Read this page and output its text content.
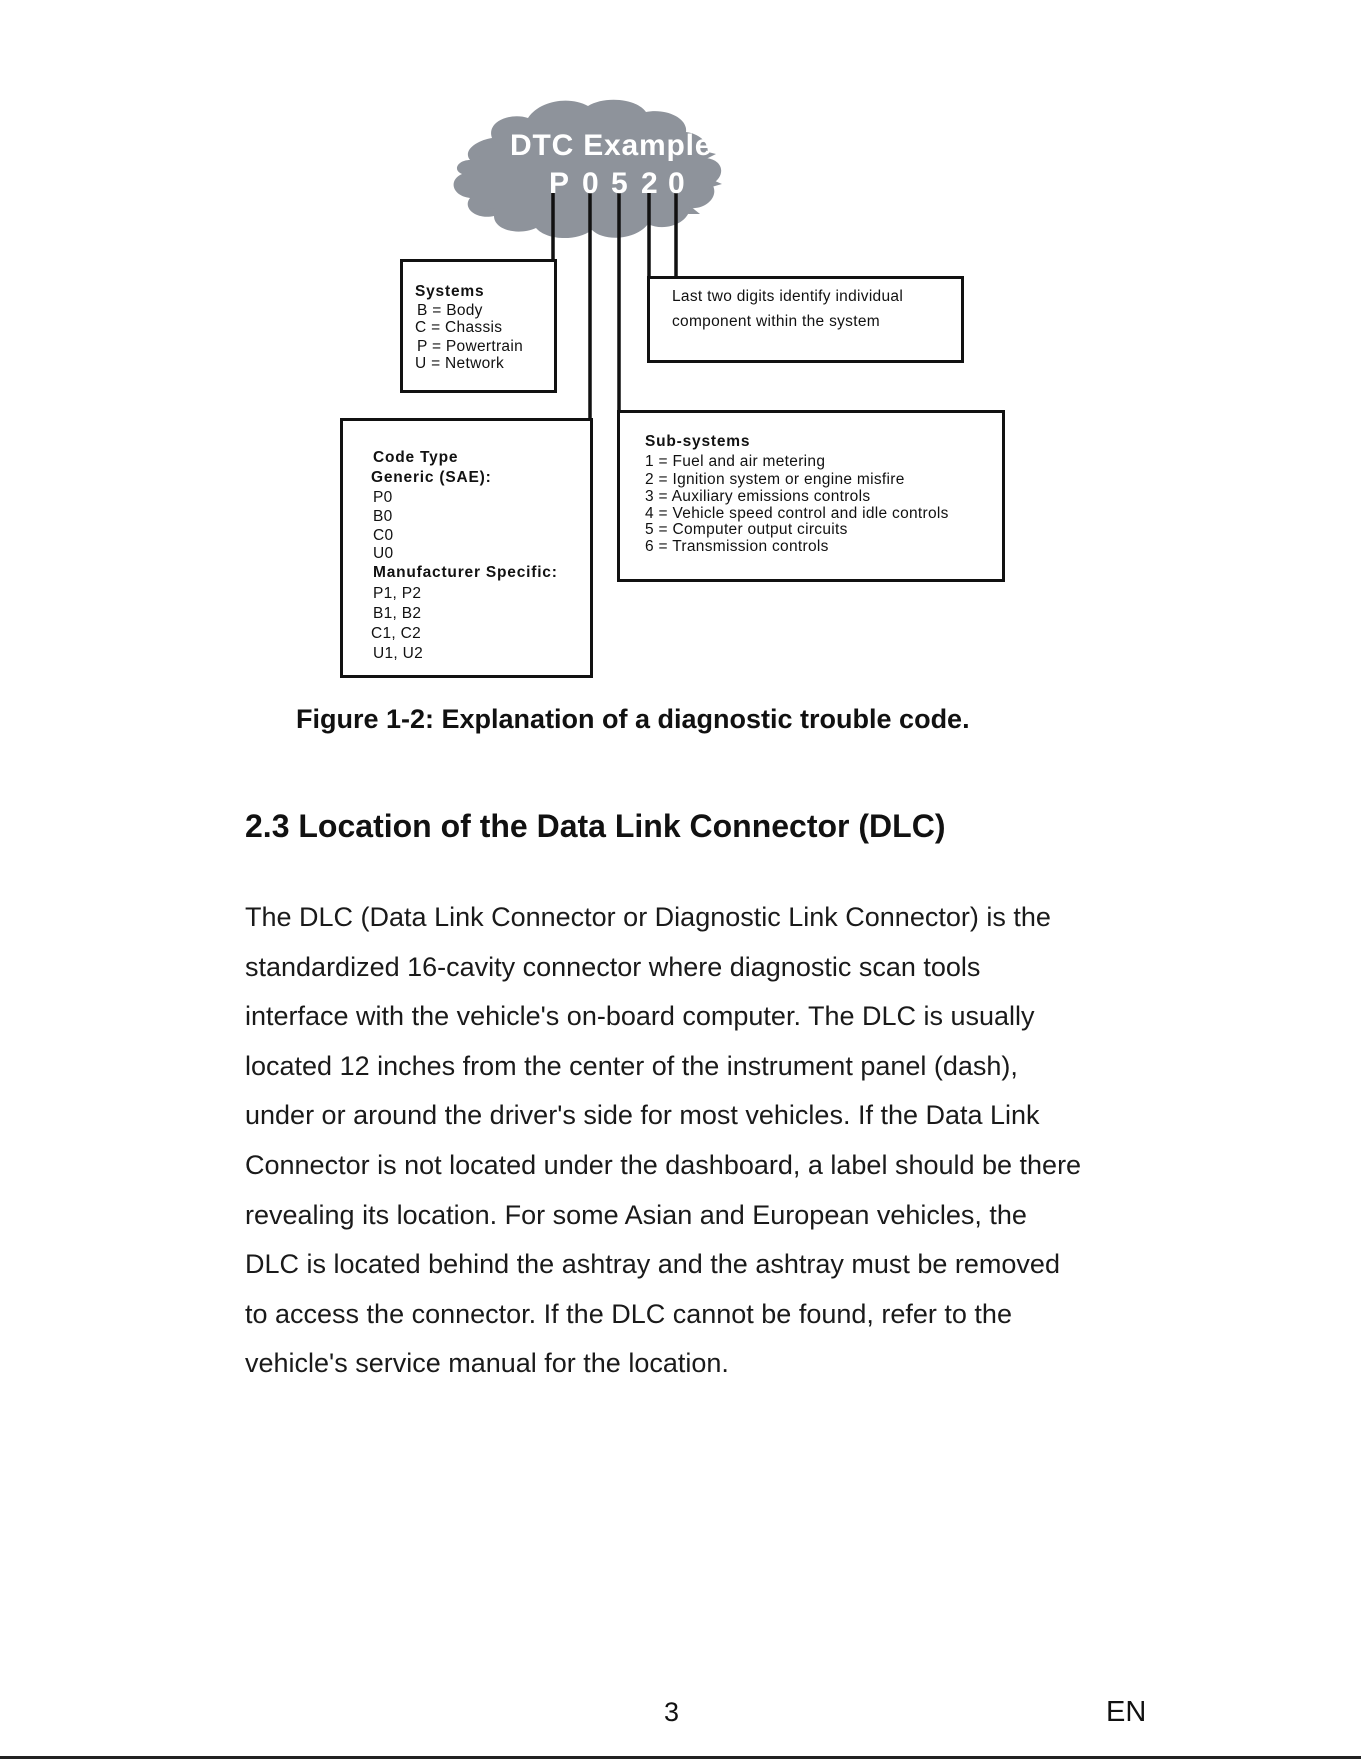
DTC Example
P 0 5 2 0
Systems
B = Body
C = Chassis
P = Powertrain
U = Network
Last two digits identify individual
component within the system
Code Type
Generic (SAE):
P0
B0
C0
U0
Manufacturer Specific:
P1, P2
B1, B2
C1, C2
U1, U2
Sub-systems
1 = Fuel and air metering
2 = Ignition system or engine misfire
3 = Auxiliary emissions controls
4 = Vehicle speed control and idle controls
5 = Computer output circuits
6 = Transmission controls
Figure 1-2: Explanation of a diagnostic trouble code.
2.3 Location of the Data Link Connector (DLC)
The DLC (Data Link Connector or Diagnostic Link Connector) is the
standardized 16-cavity connector where diagnostic scan tools
interface with the vehicle's on-board computer. The DLC is usually
located 12 inches from the center of the instrument panel (dash),
under or around the driver's side for most vehicles. If the Data Link
Connector is not located under the dashboard, a label should be there
revealing its location. For some Asian and European vehicles, the
DLC is located behind the ashtray and the ashtray must be removed
to access the connector. If the DLC cannot be found, refer to the
vehicle's service manual for the location.
3	EN
